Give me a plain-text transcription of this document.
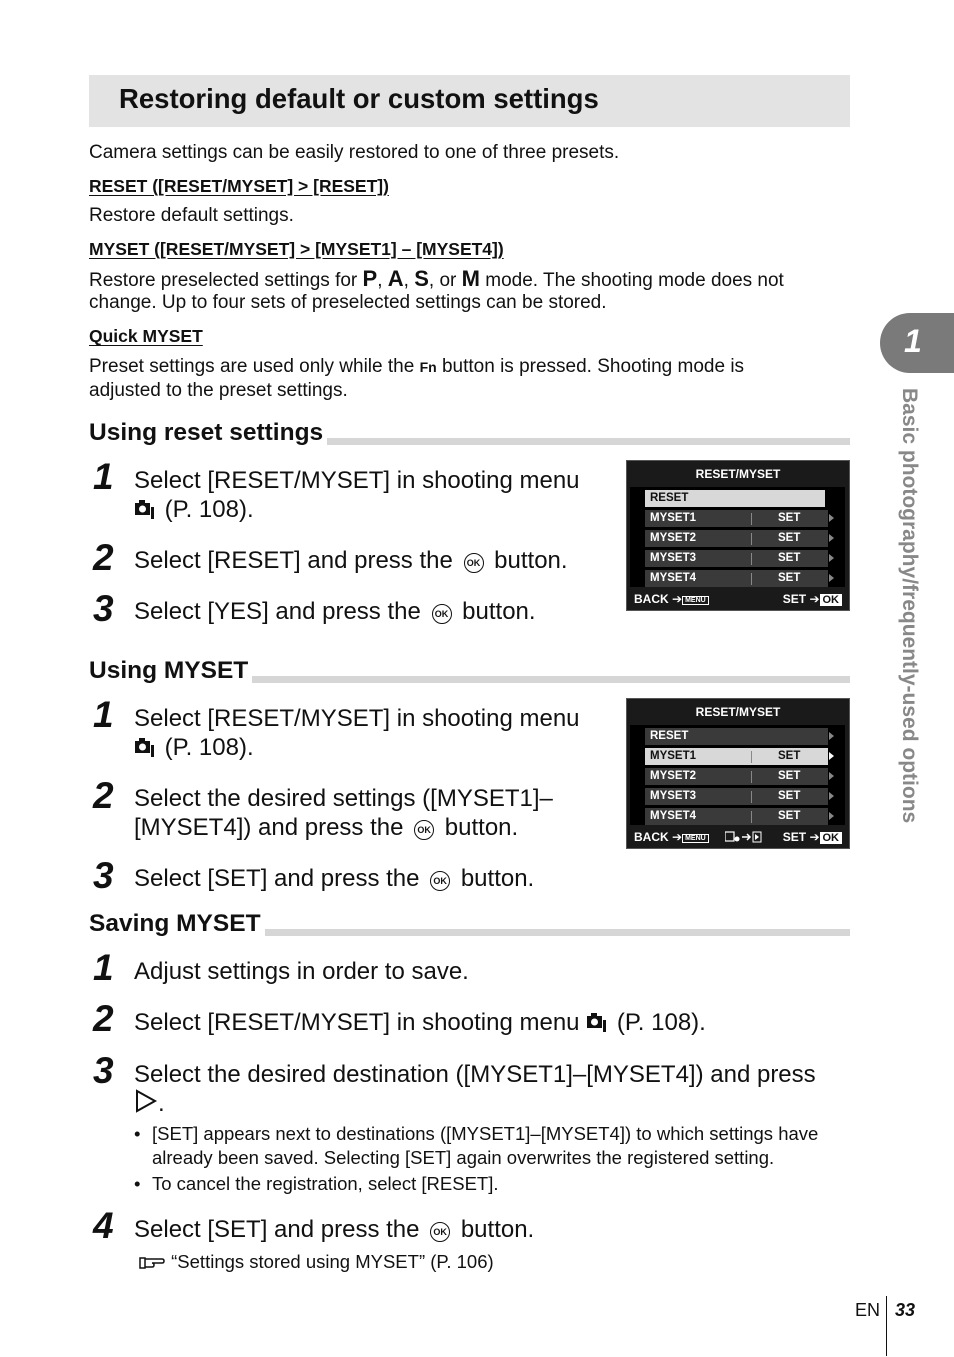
Restoring default or custom settings
Camera settings can be easily restored to one of three presets.
RESET ([RESET/MYSET] > [RESET])
Restore default settings.
MYSET ([RESET/MYSET] > [MYSET1] – [MYSET4])
Restore preselected settings for P, A, S, or M mode. The shooting mode does not
change. Up to four sets of preselected settings can be stored.
Quick MYSET
Preset settings are used only while the Fn button is pressed. Shooting mode is
adjusted to the preset settings.
Using reset settings
1 Select [RESET/MYSET] in shooting menu
(P. 108).
2 Select [RESET] and press the OK button.
3 Select [YES] and press the OK button.
RESET/MYSET
RESET
MYSET1	SET
MYSET2	SET
MYSET3	SET
MYSET4	SET
BACK ➔ MENU	SET ➔ OK
Using MYSET
1 Select [RESET/MYSET] in shooting menu
(P. 108).
2 Select the desired settings ([MYSET1]–
[MYSET4]) and press the OK button.
3 Select [SET] and press the OK button.
RESET/MYSET
RESET
MYSET1	SET
MYSET2	SET
MYSET3	SET
MYSET4	SET
BACK ➔ MENU	SET ➔ OK
Saving MYSET
1 Adjust settings in order to save.
2 Select [RESET/MYSET] in shooting menu (P. 108).
3 Select the desired destination ([MYSET1]–[MYSET4]) and press
.
• [SET] appears next to destinations ([MYSET1]–[MYSET4]) to which settings have
already been saved. Selecting [SET] again overwrites the registered setting.
• To cancel the registration, select [RESET].
4 Select [SET] and press the OK button.
“Settings stored using MYSET” (P. 106)
1
Basic photography/frequently-used options
EN 33
